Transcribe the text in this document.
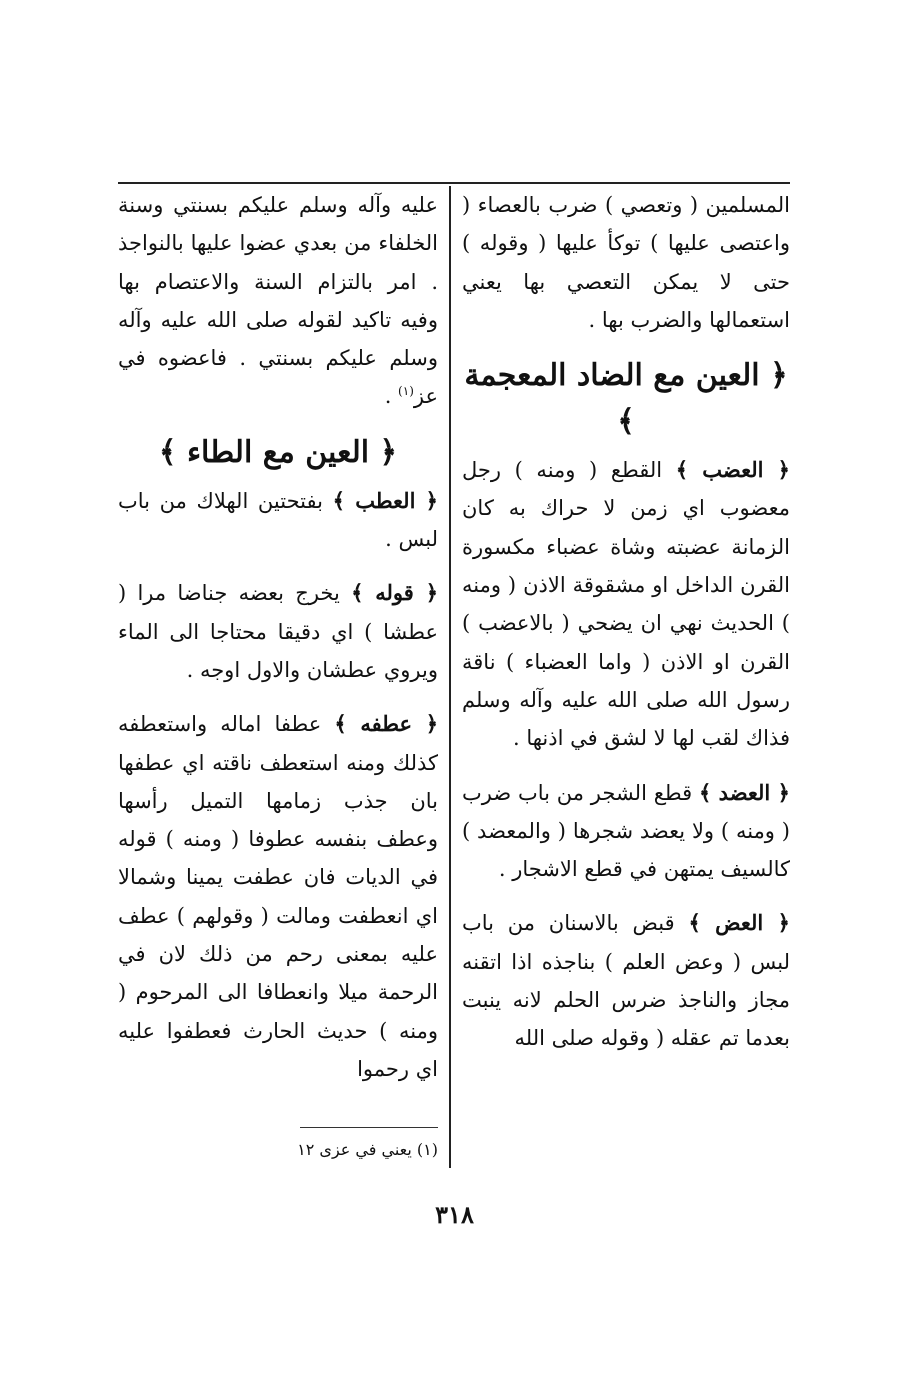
المسلمين ( وتعصي ) ضرب بالعصاء ( واعتصى عليها ) توكأ عليها ( وقوله ) حتى لا يمكن التعصي بها يعني استعمالها والضرب بها .

﴿ العين مع الضاد المعجمة ﴾

﴿ العضب ﴾ القطع ( ومنه ) رجل معضوب اي زمن لا حراك به كان الزمانة عضبته وشاة عضباء مكسورة القرن الداخل او مشقوقة الاذن ( ومنه ) الحديث نهي ان يضحي ( بالاعضب ) القرن او الاذن ( واما العضباء ) ناقة رسول الله صلى الله عليه وآله وسلم فذاك لقب لها لا لشق في اذنها .

﴿ العضد ﴾ قطع الشجر من باب ضرب ( ومنه ) ولا يعضد شجرها ( والمعضد ) كالسيف يمتهن في قطع الاشجار .

﴿ العض ﴾ قبض بالاسنان من باب لبس ( وعض العلم ) بناجذه اذا اتقنه مجاز والناجذ ضرس الحلم لانه ينبت بعدما تم عقله ( وقوله صلى الله

عليه وآله وسلم عليكم بسنتي وسنة الخلفاء من بعدي عضوا عليها بالنواجذ . امر بالتزام السنة والاعتصام بها وفيه تاكيد لقوله صلى الله عليه وآله وسلم عليكم بسنتي . فاعضوه في عز$^{(١)}$ .

﴿ العين مع الطاء ﴾

﴿ العطب ﴾ بفتحتين الهلاك من باب لبس .

﴿ قوله ﴾ يخرج بعضه جناضا مرا ( عطشا ) اي دقيقا محتاجا الى الماء ويروي عطشان والاول اوجه .

﴿ عطفه ﴾ عطفا اماله واستعطفه كذلك ومنه استعطف ناقته اي عطفها بان جذب زمامها التميل رأسها وعطف بنفسه عطوفا ( ومنه ) قوله في الديات فان عطفت يمينا وشمالا اي انعطفت ومالت ( وقولهم ) عطف عليه بمعنى رحم من ذلك لان في الرحمة ميلا وانعطافا الى المرحوم ( ومنه ) حديث الحارث فعطفوا عليه اي رحموا

(١) يعني في عزى ١٢
٣١٨
